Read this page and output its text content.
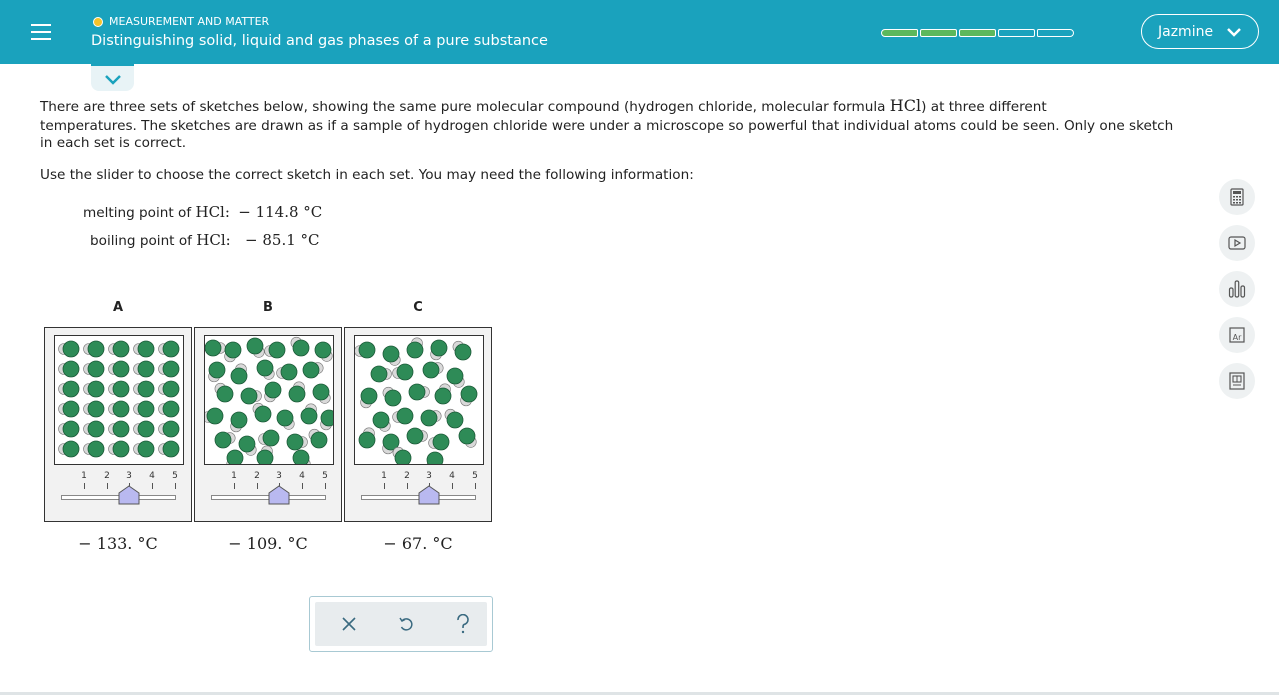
MEASUREMENT AND MATTER
Distinguishing solid, liquid and gas phases of a pure substance
Jazmine
There are three sets of sketches below, showing the same pure molecular compound (hydrogen chloride, molecular formula HCl) at three different
temperatures. The sketches are drawn as if a sample of hydrogen chloride were under a microscope so powerful that individual atoms could be seen. Only one sketch in each set is correct.
Use the slider to choose the correct sketch in each set. You may need the following information:
melting point of HCl: − 114.8 °C
boiling point of HCl: − 85.1 °C
A	B	C
1 2 3 4 5	1 2 3 4 5	1 2 3 4 5
− 133. °C	− 109. °C	− 67. °C
Ar
